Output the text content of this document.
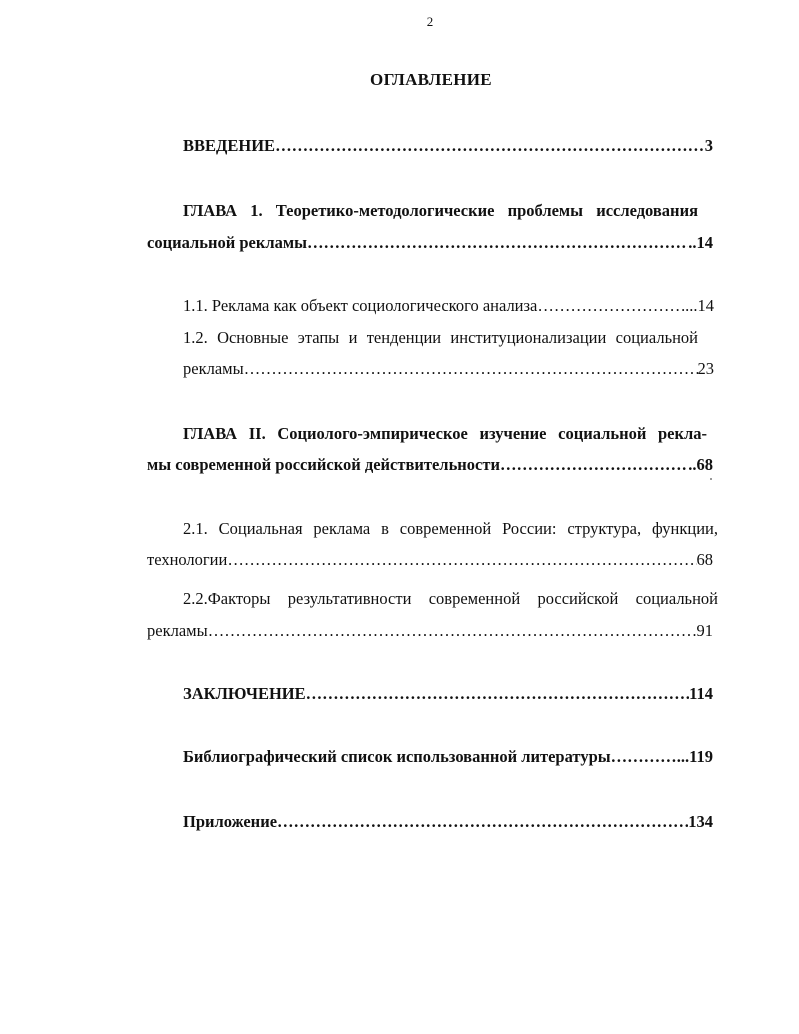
2
ОГЛАВЛЕНИЕ
ВВЕДЕНИЕ …………………………………………………………………………………………………………………………………………………………	3
ГЛАВА 1. Теоретико-методологические проблемы исследования
социальной рекламы …………………………………………………………………………………………………………………………………………………………	..14
1.1. Реклама как объект социологического анализа …………………………………………………………………………………………………………………………………………………………	...14
1.2. Основные этапы и тенденции институционализации социальной
рекламы …………………………………………………………………………………………………………………………………………………………	23
ГЛАВА II. Социолого-эмпирическое изучение социальной рекла-
мы современной российской действительности …………………………………………………………………………………………………………………………………………………………	..68
2.1. Социальная реклама в современной России: структура, функции,
технологии …………………………………………………………………………………………………………………………………………………………	68
2.2.Факторы результативности современной российской социальной
рекламы …………………………………………………………………………………………………………………………………………………………	91
ЗАКЛЮЧЕНИЕ …………………………………………………………………………………………………………………………………………………………	114
Библиографический список использованной литературы …………………………………………………………………………………………………………………………………………………………	...119
Приложение …………………………………………………………………………………………………………………………………………………………	134
